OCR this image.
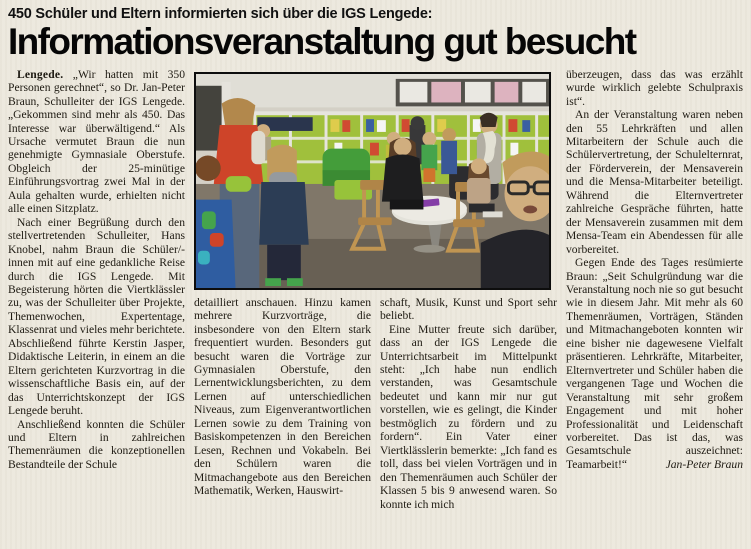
450 Schüler und Eltern informierten sich über die IGS Lengede:
Informationsveranstaltung gut besucht

Lengede. „Wir hatten mit 350 Personen gerechnet“, so Dr. Jan-Peter Braun, Schulleiter der IGS Lengede. „Gekommen sind mehr als 450. Das Interesse war überwältigend.“ Als Ursache vermutet Braun die nun genehmigte Gymnasiale Oberstufe. Obgleich der 25-minütige Einführungsvortrag zwei Mal in der Aula gehalten wurde, erhielten nicht alle einen Sitzplatz.

Nach einer Begrüßung durch den stellvertretenden Schulleiter, Hans Knobel, nahm Braun die Schüler/-innen mit auf eine gedankliche Reise durch die IGS Lengede. Mit Begeisterung hörten die Viertklässler zu, was der Schulleiter über Projekte, Themenwochen, Expertentage, Klassenrat und vieles mehr berichtete. Abschließend führte Kerstin Jasper, Didaktische Leiterin, in einem an die Eltern gerichteten Kurzvortrag in die wissenschaftliche Basis ein, auf der das Unterrichtskonzept der IGS Lengede beruht.

Anschließend konnten die Schüler und Eltern in zahlreichen Themenräumen die konzeptionellen Bestandteile der Schule

detailliert anschauen. Hinzu kamen mehrere Kurzvorträge, die insbesondere von den Eltern stark frequentiert wurden. Besonders gut besucht waren die Vorträge zur Gymnasialen Oberstufe, den Lernentwicklungsberichten, zu dem Lernen auf unterschiedlichen Niveaus, zum Eigenverantwortlichen Lernen sowie zu dem Training von Basiskompetenzen in den Bereichen Lesen, Rechnen und Vokabeln. Bei den Schülern waren die Mitmachangebote aus den Bereichen Mathematik, Werken, Hauswirt-

schaft, Musik, Kunst und Sport sehr beliebt.

Eine Mutter freute sich darüber, dass an der IGS Lengede die Unterrichtsarbeit im Mittelpunkt steht: „Ich habe nun endlich verstanden, was Gesamtschule bedeutet und kann mir nur gut vorstellen, wie es gelingt, die Kinder bestmöglich zu fördern und zu fordern“. Ein Vater einer Viertklässlerin bemerkte: „Ich fand es toll, dass bei vielen Vorträgen und in den Themenräumen auch Schüler der Klassen 5 bis 9 anwesend waren. So konnte ich mich

überzeugen, dass das was erzählt wurde wirklich gelebte Schulpraxis ist“.

An der Veranstaltung waren neben den 55 Lehrkräften und allen Mitarbeitern der Schule auch die Schülervertretung, der Schulelternrat, der Förderverein, der Mensaverein und die Mensa-Mitarbeiter beteiligt. Während die Elternvertreter zahlreiche Gespräche führten, hatte der Mensaverein zusammen mit dem Mensa-Team ein Abendessen für alle vorbereitet.

Gegen Ende des Tages resümierte Braun: „Seit Schulgründung war die Veranstaltung noch nie so gut besucht wie in diesem Jahr. Mit mehr als 60 Themenräumen, Vorträgen, Ständen und Mitmachangeboten konnten wir eine bisher nie dagewesene Vielfalt präsentieren. Lehrkräfte, Mitarbeiter, Elternvertreter und Schüler haben die vergangenen Tage und Wochen die Veranstaltung mit sehr großem Engagement und mit hoher Professionalität und Leidenschaft vorbereitet. Das ist das, was Gesamtschule auszeichnet: Teamarbeit!“	Jan-Peter Braun
